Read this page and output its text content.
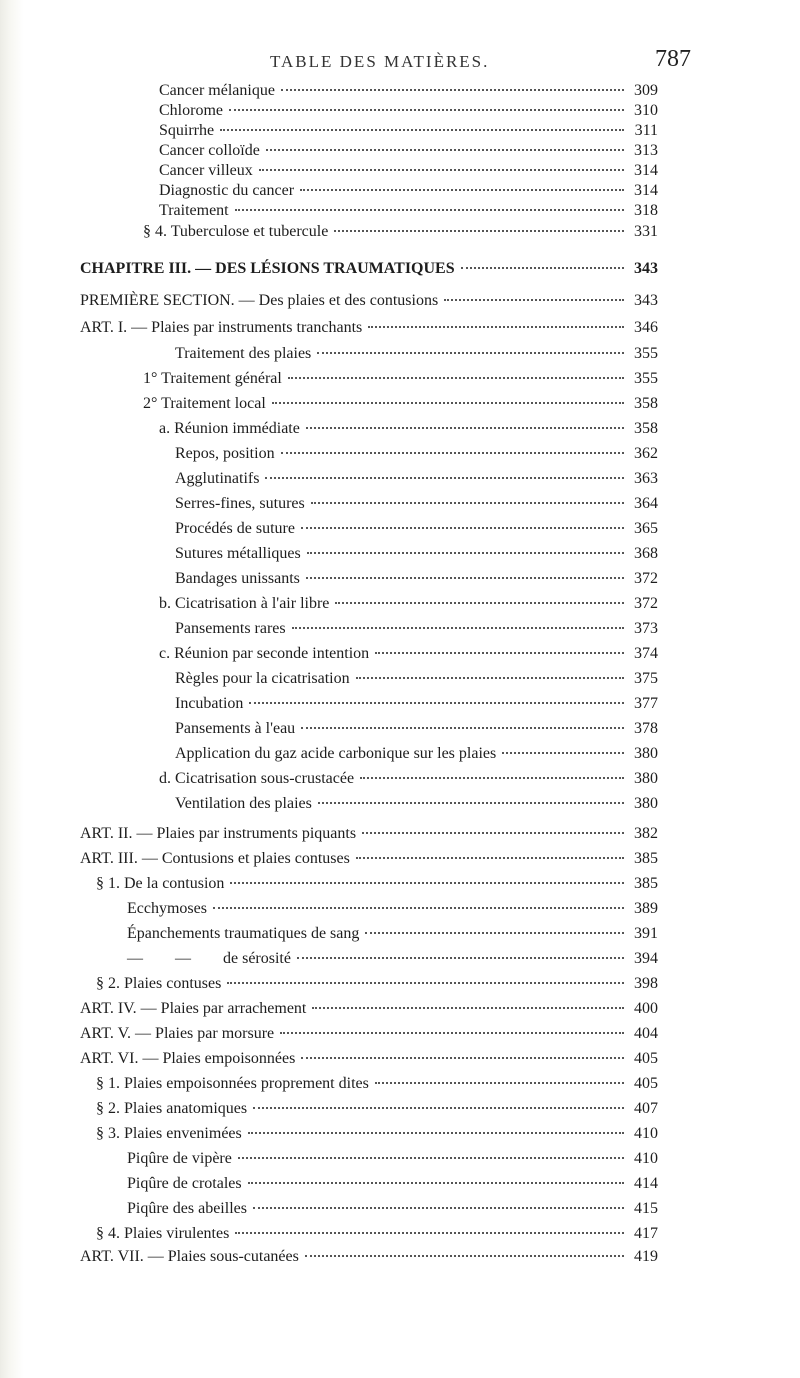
TABLE DES MATIÈRES.	787
Cancer mélanique	309
Chlorome	310
Squirrhe	311
Cancer colloïde	313
Cancer villeux	314
Diagnostic du cancer	314
Traitement	318
§ 4. Tuberculose et tubercule	331
CHAPITRE III. — DES LÉSIONS TRAUMATIQUES	343
PREMIÈRE SECTION. — Des plaies et des contusions	343
ART. I. — Plaies par instruments tranchants	346
Traitement des plaies	355
1° Traitement général	355
2° Traitement local	358
a. Réunion immédiate	358
Repos, position	362
Agglutinatifs	363
Serres-fines, sutures	364
Procédés de suture	365
Sutures métalliques	368
Bandages unissants	372
b. Cicatrisation à l'air libre	372
Pansements rares	373
c. Réunion par seconde intention	374
Règles pour la cicatrisation	375
Incubation	377
Pansements à l'eau	378
Application du gaz acide carbonique sur les plaies	380
d. Cicatrisation sous-crustacée	380
Ventilation des plaies	380
ART. II. — Plaies par instruments piquants	382
ART. III. — Contusions et plaies contuses	385
§ 1. De la contusion	385
Ecchymoses	389
Épanchements traumatiques de sang	391
—        —        de sérosité	394
§ 2. Plaies contuses	398
ART. IV. — Plaies par arrachement	400
ART. V. — Plaies par morsure	404
ART. VI. — Plaies empoisonnées	405
§ 1. Plaies empoisonnées proprement dites	405
§ 2. Plaies anatomiques	407
§ 3. Plaies envenimées	410
Piqûre de vipère	410
Piqûre de crotales	414
Piqûre des abeilles	415
§ 4. Plaies virulentes	417
ART. VII. — Plaies sous-cutanées	419
